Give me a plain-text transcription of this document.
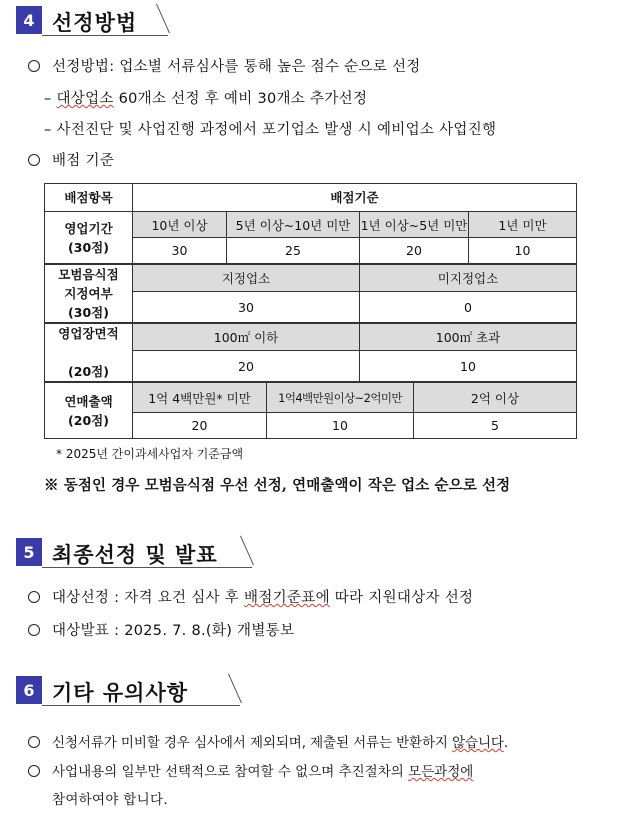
4 선정방법
선정방법: 업소별 서류심사를 통해 높은 점수 순으로 선정
– 대상업소 60개소 선정 후 예비 30개소 추가선정
– 사전진단 및 사업진행 과정에서 포기업소 발생 시 예비업소 사업진행
배점 기준
배점항목	배점기준					
영업기간
(30점)	10년 이상	5년 이상~10년 미만		1년 이상~5년 미만		1년 미만
	30	25		20		10
모범음식점
지정여부
(30점)	지정업소			미지정업소		
	30			0		
영업장면적

(20점)	100㎡ 이하			100㎡ 초과		
	20			10		
연매출액
(20점)	1억 4백만원* 미만		1억4백만원이상~2억미만		2억 이상	
	20		10		5	
* 2025년 간이과세사업자 기준금액
※ 동점인 경우 모범음식점 우선 선정, 연매출액이 작은 업소 순으로 선정
5 최종선정 및 발표
대상선정 : 자격 요건 심사 후 배점기준표에 따라 지원대상자 선정
대상발표 : 2025. 7. 8.(화) 개별통보
6 기타 유의사항
신청서류가 미비할 경우 심사에서 제외되며, 제출된 서류는 반환하지 않습니다.
사업내용의 일부만 선택적으로 참여할 수 없으며 추진절차의 모든과정에
참여하여야 합니다.
